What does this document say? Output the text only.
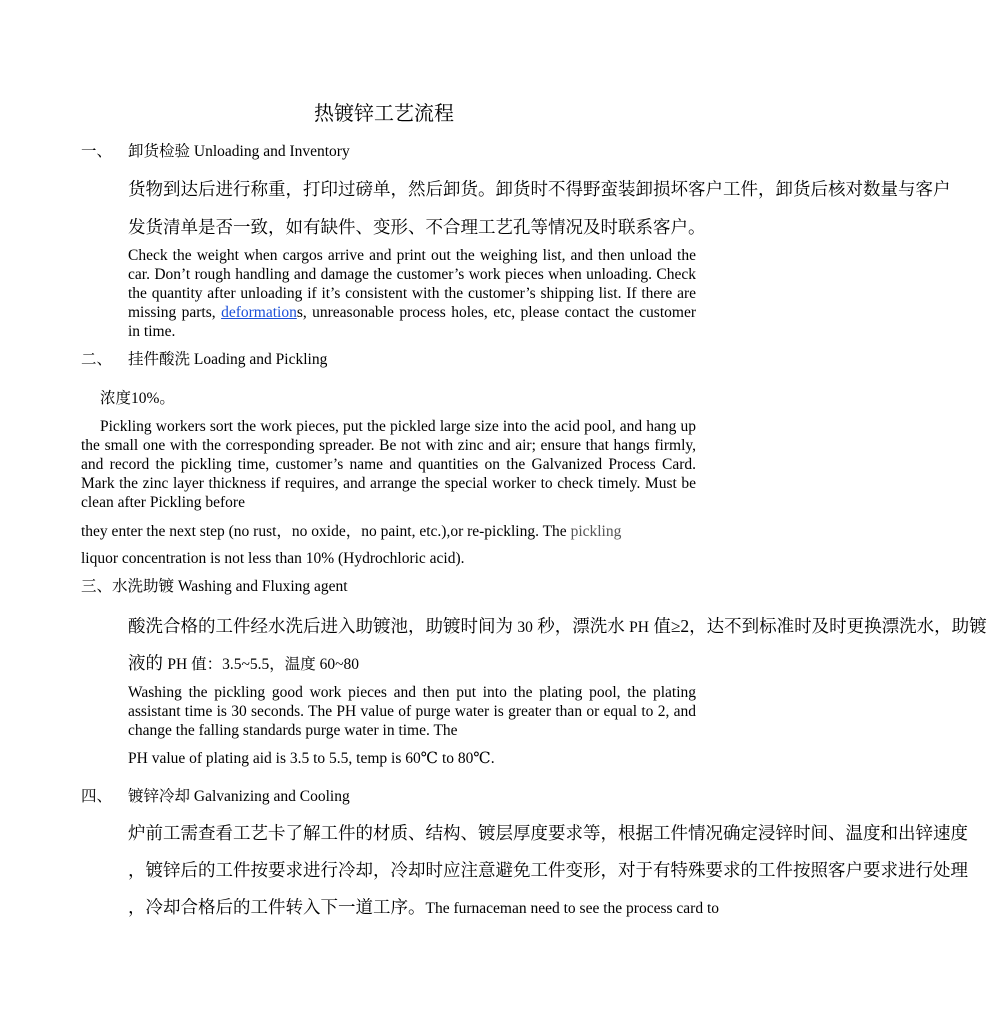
热镀锌工艺流程
一、 卸货检验 Unloading and Inventory
货物到达后进行称重，打印过磅单，然后卸货。卸货时不得野蛮装卸损坏客户工件，卸货后核对数量与客户
发货清单是否一致，如有缺件、变形、不合理工艺孔等情况及时联系客户。
Check the weight when cargos arrive and print out the weighing list, and then unload the car. Don’t rough handling and damage the customer’s work pieces when unloading. Check the quantity after unloading if it’s consistent with the customer’s shipping list. If there are missing parts, deformations, unreasonable process holes, etc, please contact the customer in time.
二、 挂件酸洗 Loading and Pickling
浓度10%。
Pickling workers sort the work pieces, put the pickled large size into the acid pool, and hang up the small one with the corresponding spreader. Be not with zinc and air; ensure that hangs firmly, and record the pickling time, customer’s name and quantities on the Galvanized Process Card. Mark the zinc layer thickness if requires, and arrange the special worker to check timely. Must be clean after Pickling before
they enter the next step (no rust，no oxide，no paint, etc.),or re-pickling. The pickling
liquor concentration is not less than 10% (Hydrochloric acid).
三、水洗助镀 Washing and Fluxing agent
酸洗合格的工件经水洗后进入助镀池，助镀时间为 30 秒，漂洗水 PH 值≥2，达不到标准时及时更换漂洗水，助镀
液的 PH 值：3.5~5.5，温度 60~80
Washing the pickling good work pieces and then put into the plating pool, the plating assistant time is 30 seconds. The PH value of purge water is greater than or equal to 2, and change the falling standards purge water in time. The
PH value of plating aid is 3.5 to 5.5, temp is 60℃ to 80℃.
四、 镀锌冷却 Galvanizing and Cooling
炉前工需查看工艺卡了解工件的材质、结构、镀层厚度要求等，根据工件情况确定浸锌时间、温度和出锌速度
，镀锌后的工件按要求进行冷却，冷却时应注意避免工件变形，对于有特殊要求的工件按照客户要求进行处理
，冷却合格后的工件转入下一道工序。The furnaceman need to see the process card to
